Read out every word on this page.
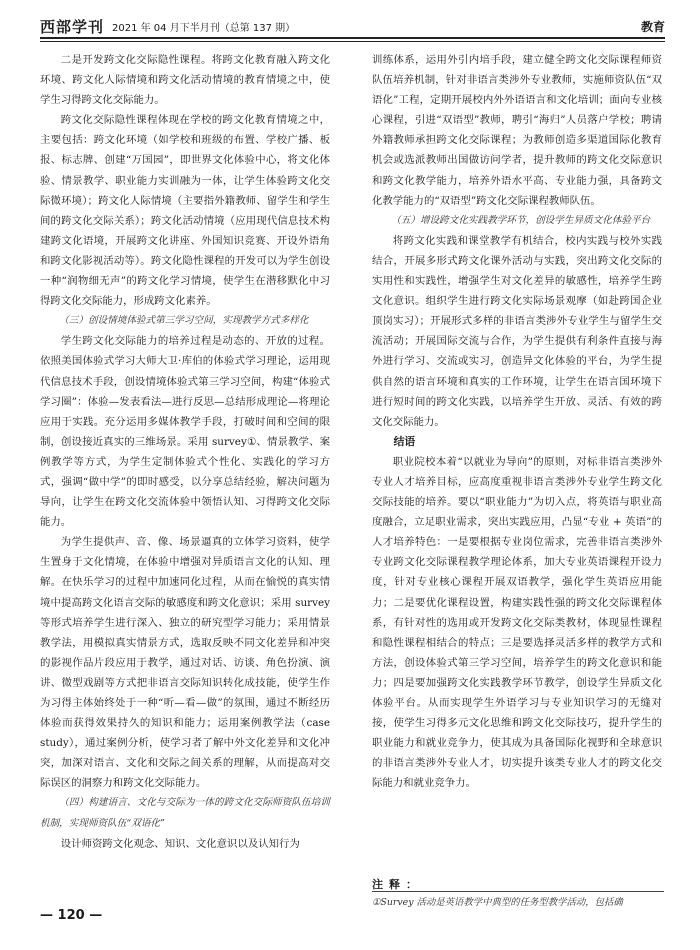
西部学刊 2021 年 04 月下半月刊（总第 137 期）	教育

二是开发跨文化交际隐性课程。将跨文化教育融入跨文化环境、跨文化人际情境和跨文化活动情境的教育情境之中，使学生习得跨文化交际能力。

跨文化交际隐性课程体现在学校的跨文化教育情境之中，主要包括：跨文化环境（如学校和班级的布置、学校广播、板报、标志牌、创建“万国园”，即世界文化体验中心，将文化体验、情景教学、职业能力实训融为一体，让学生体验跨文化交际微环境）；跨文化人际情境（主要指外籍教师、留学生和学生间的跨文化交际关系）；跨文化活动情境（应用现代信息技术构建跨文化语境，开展跨文化讲座、外国知识竞赛、开设外语角和跨文化影视活动等）。跨文化隐性课程的开发可以为学生创设一种“润物细无声”的跨文化学习情境，使学生在潜移默化中习得跨文化交际能力，形成跨文化素养。

（三）创设情境体验式第三学习空间，实现教学方式多样化

学生跨文化交际能力的培养过程是动态的、开放的过程。依照美国体验式学习大师大卫·库伯的体验式学习理论，运用现代信息技术手段，创设情境体验式第三学习空间，构建“体验式学习圈”：体验—发表看法—进行反思—总结形成理论—将理论应用于实践。充分运用多媒体教学手段，打破时间和空间的限制，创设接近真实的三维场景。采用 survey①、情景教学、案例教学等方式，为学生定制体验式个性化、实践化的学习方式，强调“做中学”的即时感受，以分享总结经验，解决问题为导向，让学生在跨文化交流体验中领悟认知、习得跨文化交际能力。

为学生提供声、音、像、场景逼真的立体学习资料，使学生置身于文化情境，在体验中增强对异质语言文化的认知、理解。在快乐学习的过程中加速同化过程，从而在愉悦的真实情境中提高跨文化语言交际的敏感度和跨文化意识；采用 survey 等形式培养学生进行深入、独立的研究型学习能力；采用情景教学法，用模拟真实情景方式，选取反映不同文化差异和冲突的影视作品片段应用于教学，通过对话、访谈、角色扮演、演讲、微型戏剧等方式把非语言交际知识转化成技能，使学生作为习得主体始终处于一种“听—看—做”的氛围，通过不断经历体验而获得效果持久的知识和能力；运用案例教学法（case study），通过案例分析，使学习者了解中外文化差异和文化冲突，加深对语言、文化和交际之间关系的理解，从而提高对交际误区的洞察力和跨文化交际能力。

（四）构建语言、文化与交际为一体的跨文化交际师资队伍培训机制，实现师资队伍“双语化”

设计师资跨文化观念、知识、文化意识以及认知行为

训练体系，运用外引内培手段，建立健全跨文化交际课程师资队伍培养机制，针对非语言类涉外专业教师，实施师资队伍“双语化”工程，定期开展校内外外语语言和文化培训；面向专业核心课程，引进“双语型”教师，聘引“海归”人员落户学校；聘请外籍教师承担跨文化交际课程；为教师创造多渠道国际化教育机会或选派教师出国做访问学者，提升教师的跨文化交际意识和跨文化教学能力，培养外语水平高、专业能力强，具备跨文化教学能力的“双语型”跨文化交际课程教师队伍。

（五）增设跨文化实践教学环节，创设学生异质文化体验平台

将跨文化实践和课堂教学有机结合，校内实践与校外实践结合，开展多形式跨文化课外活动与实践，突出跨文化交际的实用性和实践性，增强学生对文化差异的敏感性，培养学生跨文化意识。组织学生进行跨文化实际场景观摩（如赴跨国企业顶岗实习）；开展形式多样的非语言类涉外专业学生与留学生交流活动；开展国际交流与合作，为学生提供有利条件直接与海外进行学习、交流或实习，创造异文化体验的平台，为学生提供自然的语言环境和真实的工作环境，让学生在语言国环境下进行短时间的跨文化实践，以培养学生开放、灵活、有效的跨文化交际能力。

结语

职业院校本着“以就业为导向”的原则，对标非语言类涉外专业人才培养目标，应高度重视非语言类涉外专业学生跨文化交际技能的培养。要以“职业能力”为切入点，将英语与职业高度融合，立足职业需求，突出实践应用，凸显“专业 + 英语”的人才培养特色：一是要根据专业岗位需求，完善非语言类涉外专业跨文化交际课程教学理论体系，加大专业英语课程开设力度，针对专业核心课程开展双语教学，强化学生英语应用能力；二是要优化课程设置，构建实践性强的跨文化交际课程体系，有针对性的选用或开发跨文化交际类教材，体现显性课程和隐性课程相结合的特点；三是要选择灵活多样的教学方式和方法，创设体验式第三学习空间，培养学生的跨文化意识和能力；四是要加强跨文化实践教学环节教学，创设学生异质文化体验平台。从而实现学生外语学习与专业知识学习的无缝对接，使学生习得多元文化思维和跨文化交际技巧，提升学生的职业能力和就业竞争力，使其成为具备国际化视野和全球意识的非语言类涉外专业人才，切实提升该类专业人才的跨文化交际能力和就业竞争力。

注释：
①Survey 活动是英语教学中典型的任务型教学活动，包括确
— 120 —
